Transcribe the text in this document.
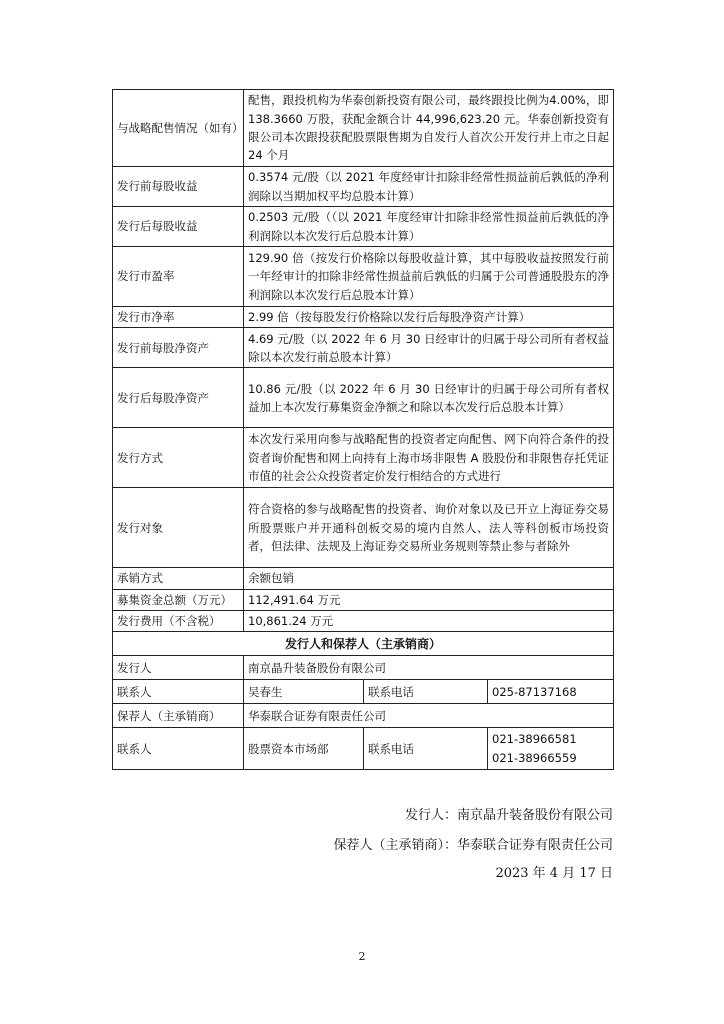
与战略配售情况（如有）	配售，跟投机构为华泰创新投资有限公司，最终跟投比例为4.00%，即 138.3660 万股，获配金额合计 44,996,623.20 元。华泰创新投资有限公司本次跟投获配股票限售期为自发行人首次公开发行并上市之日起 24 个月		
发行前每股收益	0.3574 元/股（以 2021 年度经审计扣除非经常性损益前后孰低的净利润除以当期加权平均总股本计算）		
发行后每股收益	0.2503 元/股（（以 2021 年度经审计扣除非经常性损益前后孰低的净利润除以本次发行后总股本计算）		
发行市盈率	129.90 倍（按发行价格除以每股收益计算，其中每股收益按照发行前一年经审计的扣除非经常性损益前后孰低的归属于公司普通股股东的净利润除以本次发行后总股本计算）		
发行市净率	2.99 倍（按每股发行价格除以发行后每股净资产计算）		
发行前每股净资产	4.69 元/股（以 2022 年 6 月 30 日经审计的归属于母公司所有者权益除以本次发行前总股本计算）		
发行后每股净资产	10.86 元/股（以 2022 年 6 月 30 日经审计的归属于母公司所有者权益加上本次发行募集资金净额之和除以本次发行后总股本计算）		
发行方式	本次发行采用向参与战略配售的投资者定向配售、网下向符合条件的投资者询价配售和网上向持有上海市场非限售 A 股股份和非限售存托凭证市值的社会公众投资者定价发行相结合的方式进行		
发行对象	符合资格的参与战略配售的投资者、询价对象以及已开立上海证券交易所股票账户并开通科创板交易的境内自然人、法人等科创板市场投资者，但法律、法规及上海证券交易所业务规则等禁止参与者除外		
承销方式	余额包销		
募集资金总额（万元）	112,491.64 万元		
发行费用（不含税）	10,861.24 万元		
发行人和保荐人（主承销商）			
发行人	南京晶升装备股份有限公司		
联系人	吴春生	联系电话	025-87137168
保荐人（主承销商）	华泰联合证券有限责任公司		
联系人	股票资本市场部	联系电话	021-38966581
021-38966559
发行人：南京晶升装备股份有限公司
保荐人（主承销商）：华泰联合证券有限责任公司
2023 年 4 月 17 日
2
